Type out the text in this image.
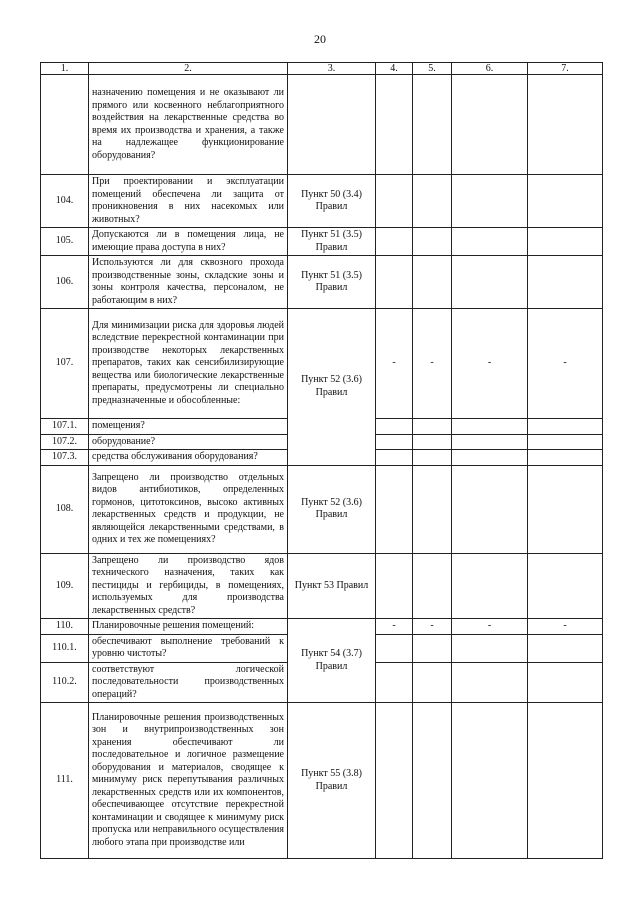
20
1.	2.	3.	4.	5.	6.	7.
	назначению помещения и не оказывают ли прямого или косвенного неблагоприятного воздействия на лекарственные средства во время их производства и хранения, а также на надлежащее функционирование оборудования?					
104.	При проектировании и эксплуатации помещений обеспечена ли защита от проникновения в них насекомых или животных?	Пункт 50 (3.4) Правил				
105.	Допускаются ли в помещения лица, не имеющие права доступа в них?	Пункт 51 (3.5) Правил				
106.	Используются ли для сквозного прохода производственные зоны, складские зоны и зоны контроля качества, персоналом, не работающим в них?	Пункт 51 (3.5) Правил				
107.	Для минимизации риска для здоровья людей вследствие перекрестной контаминации при производстве некоторых лекарственных препаратов, таких как сенсибилизирующие вещества или биологические лекарственные препараты, предусмотрены ли специально предназначенные и обособленные:	Пункт 52 (3.6) Правил	-	-	-	-
107.1.	помещения?					
107.2.	оборудование?					
107.3.	средства обслуживания оборудования?					
108.	Запрещено ли производство отдельных видов антибиотиков, определенных гормонов, цитотоксинов, высоко активных лекарственных средств и продукции, не являющейся лекарственными средствами, в одних и тех же помещениях?	Пункт 52 (3.6) Правил				
109.	Запрещено ли производство ядов технического назначения, таких как пестициды и гербициды, в помещениях, используемых для производства лекарственных средств?	Пункт 53 Правил				
110.	Планировочные решения помещений:	Пункт 54 (3.7) Правил	-	-	-	-
110.1.	обеспечивают выполнение требований к уровню чистоты?					
110.2.	соответствуют логической последовательности производственных операций?					
111.	Планировочные решения производственных зон и внутрипроизводственных зон хранения обеспечивают ли последовательное и логичное размещение оборудования и материалов, сводящее к минимуму риск перепутывания различных лекарственных средств или их компонентов, обеспечивающее отсутствие перекрестной контаминации и сводящее к минимуму риск пропуска или неправильного осуществления любого этапа при производстве или	Пункт 55 (3.8) Правил				
